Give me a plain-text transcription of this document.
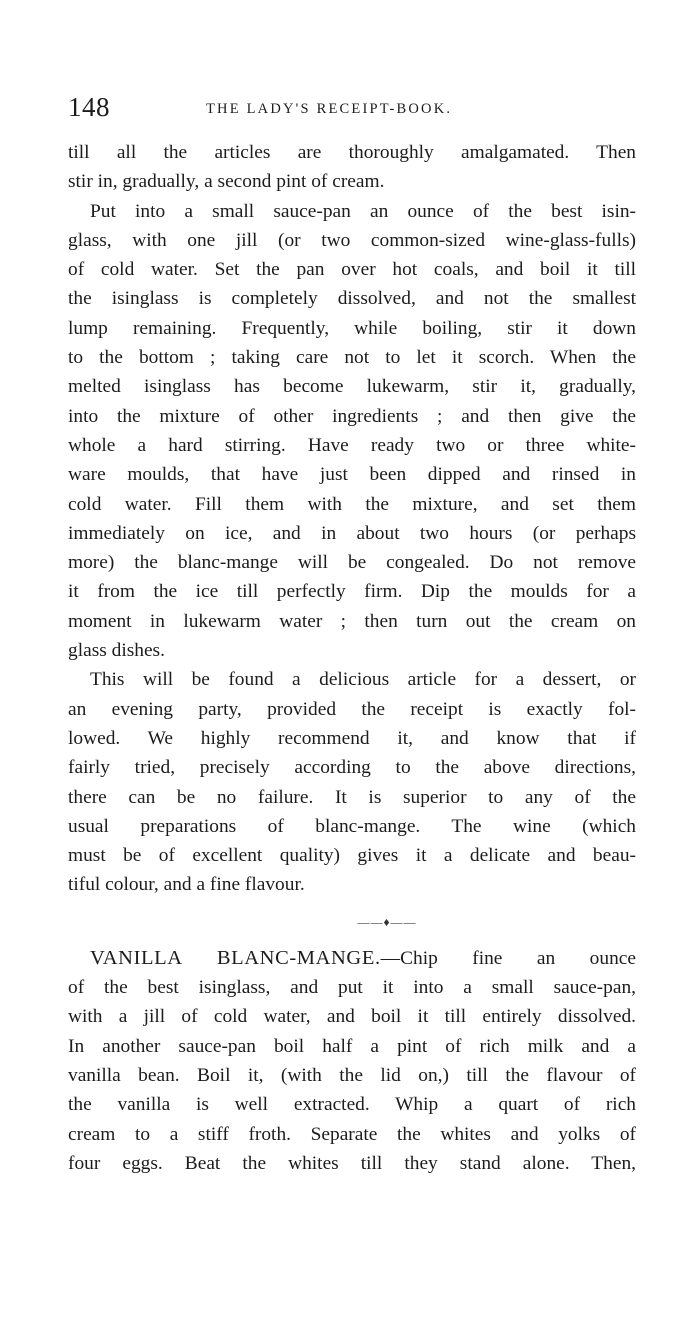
148	THE LADY'S RECEIPT-BOOK.

till all the articles are thoroughly amalgamated. Then
stir in, gradually, a second pint of cream.

Put into a small sauce-pan an ounce of the best isin-
glass, with one jill (or two common-sized wine-glass-fulls)
of cold water. Set the pan over hot coals, and boil it till
the isinglass is completely dissolved, and not the smallest
lump remaining. Frequently, while boiling, stir it down
to the bottom ; taking care not to let it scorch. When the
melted isinglass has become lukewarm, stir it, gradually,
into the mixture of other ingredients ; and then give the
whole a hard stirring. Have ready two or three white-
ware moulds, that have just been dipped and rinsed in
cold water. Fill them with the mixture, and set them
immediately on ice, and in about two hours (or perhaps
more) the blanc-mange will be congealed. Do not remove
it from the ice till perfectly firm. Dip the moulds for a
moment in lukewarm water ; then turn out the cream on
glass dishes.

This will be found a delicious article for a dessert, or
an evening party, provided the receipt is exactly fol-
lowed. We highly recommend it, and know that if
fairly tried, precisely according to the above directions,
there can be no failure. It is superior to any of the
usual preparations of blanc-mange. The wine (which
must be of excellent quality) gives it a delicate and beau-
tiful colour, and a fine flavour.

——♦——

VANILLA BLANC-MANGE.—Chip fine an ounce
of the best isinglass, and put it into a small sauce-pan,
with a jill of cold water, and boil it till entirely dissolved.
In another sauce-pan boil half a pint of rich milk and a
vanilla bean. Boil it, (with the lid on,) till the flavour of
the vanilla is well extracted. Whip a quart of rich
cream to a stiff froth. Separate the whites and yolks of
four eggs. Beat the whites till they stand alone. Then,
